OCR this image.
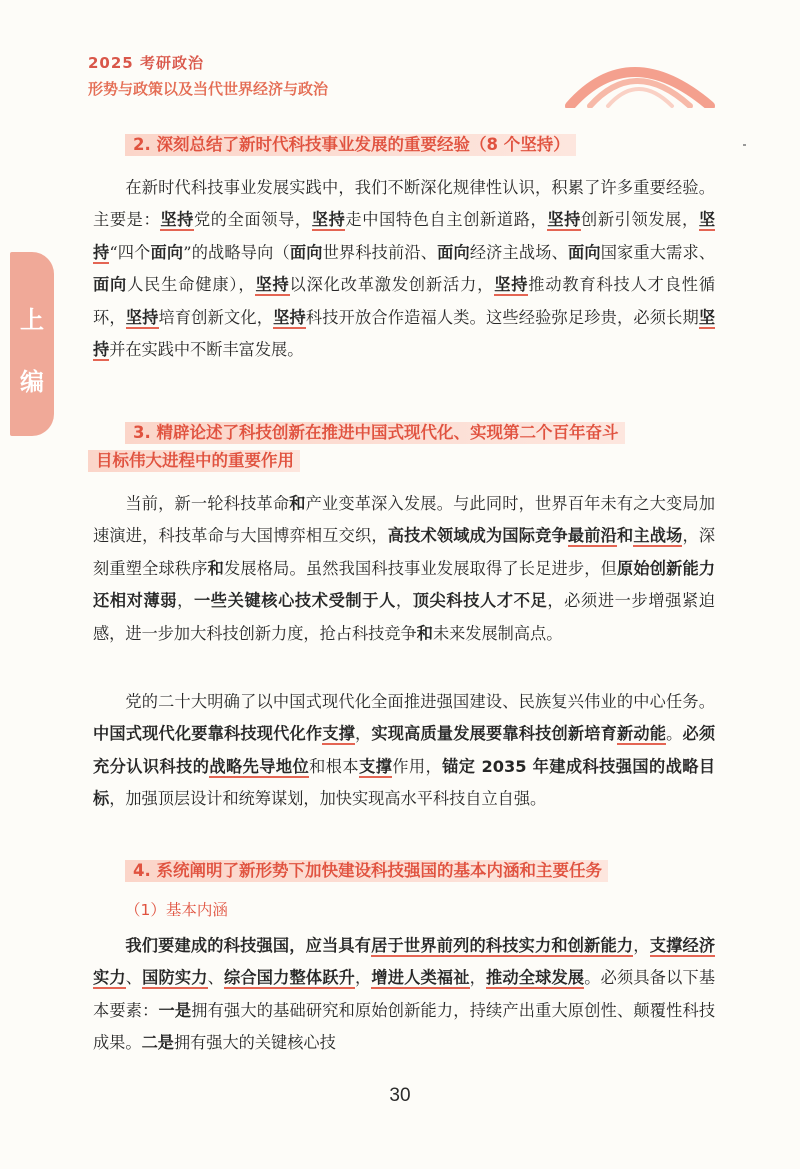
2025 考研政治
形势与政策以及当代世界经济与政治
上
编
2. 深刻总结了新时代科技事业发展的重要经验（8 个坚持）
在新时代科技事业发展实践中，我们不断深化规律性认识，积累了许多重要经验。主要是：坚持党的全面领导，坚持走中国特色自主创新道路，坚持创新引领发展，坚持“四个面向”的战略导向（面向世界科技前沿、面向经济主战场、面向国家重大需求、面向人民生命健康），坚持以深化改革激发创新活力，坚持推动教育科技人才良性循环，坚持培育创新文化，坚持科技开放合作造福人类。这些经验弥足珍贵，必须长期坚持并在实践中不断丰富发展。
3. 精辟论述了科技创新在推进中国式现代化、实现第二个百年奋斗
目标伟大进程中的重要作用
当前，新一轮科技革命和产业变革深入发展。与此同时，世界百年未有之大变局加速演进，科技革命与大国博弈相互交织，高技术领域成为国际竞争最前沿和主战场，深刻重塑全球秩序和发展格局。虽然我国科技事业发展取得了长足进步，但原始创新能力还相对薄弱，一些关键核心技术受制于人，顶尖科技人才不足，必须进一步增强紧迫感，进一步加大科技创新力度，抢占科技竞争和未来发展制高点。
党的二十大明确了以中国式现代化全面推进强国建设、民族复兴伟业的中心任务。中国式现代化要靠科技现代化作支撑，实现高质量发展要靠科技创新培育新动能。必须充分认识科技的战略先导地位和根本支撑作用，锚定 2035 年建成科技强国的战略目标，加强顶层设计和统筹谋划，加快实现高水平科技自立自强。
4. 系统阐明了新形势下加快建设科技强国的基本内涵和主要任务
（1）基本内涵
我们要建成的科技强国，应当具有居于世界前列的科技实力和创新能力，支撑经济实力、国防实力、综合国力整体跃升，增进人类福祉，推动全球发展。必须具备以下基本要素：一是拥有强大的基础研究和原始创新能力，持续产出重大原创性、颠覆性科技成果。二是拥有强大的关键核心技
30
